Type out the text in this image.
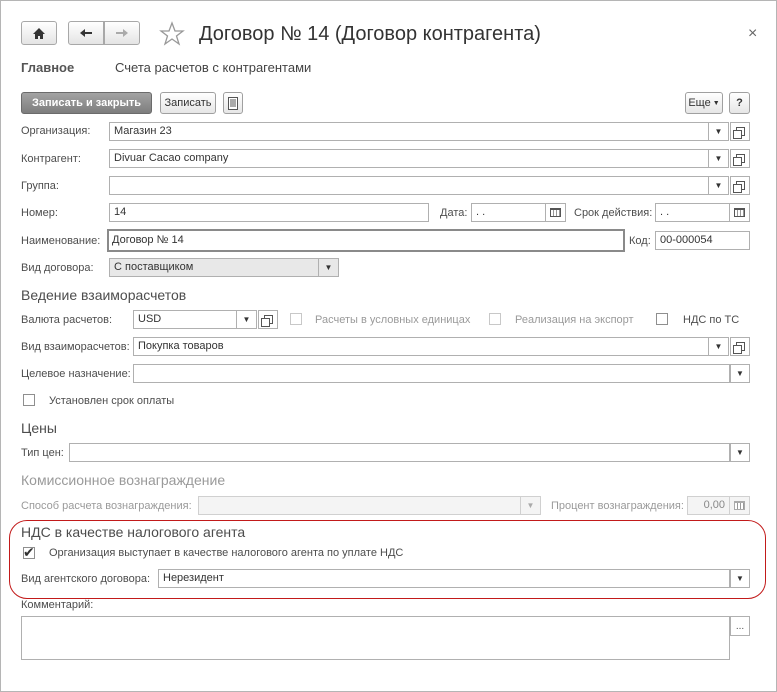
Договор № 14 (Договор контрагента)	×
Главное	Счета расчетов с контрагентами
Записать и закрыть	Записать	Еще ▼	?
Организация:	Магазин 23	▼
Контрагент:	Divuar Cacao company	▼
Группа:	▼
Номер:	14	Дата: . .	Срок действия: . .
Наименование:	Договор № 14	Код: 00-000054
Вид договора:	С поставщиком	▼
Ведение взаиморасчетов
Валюта расчетов:	USD	▼	Расчеты в условных единицах	Реализация на экспорт	НДС по ТС
Вид взаиморасчетов: Покупка товаров	▼
Целевое назначение:	▼
Установлен срок оплаты
Цены
Тип цен:	▼
Комиссионное вознаграждение
Способ расчета вознаграждения:	▼ Процент вознаграждения:	0,00
НДС в качестве налогового агента
✔
Организация выступает в качестве налогового агента по уплате НДС
Вид агентского договора:	Нерезидент	▼
Комментарий:
...
